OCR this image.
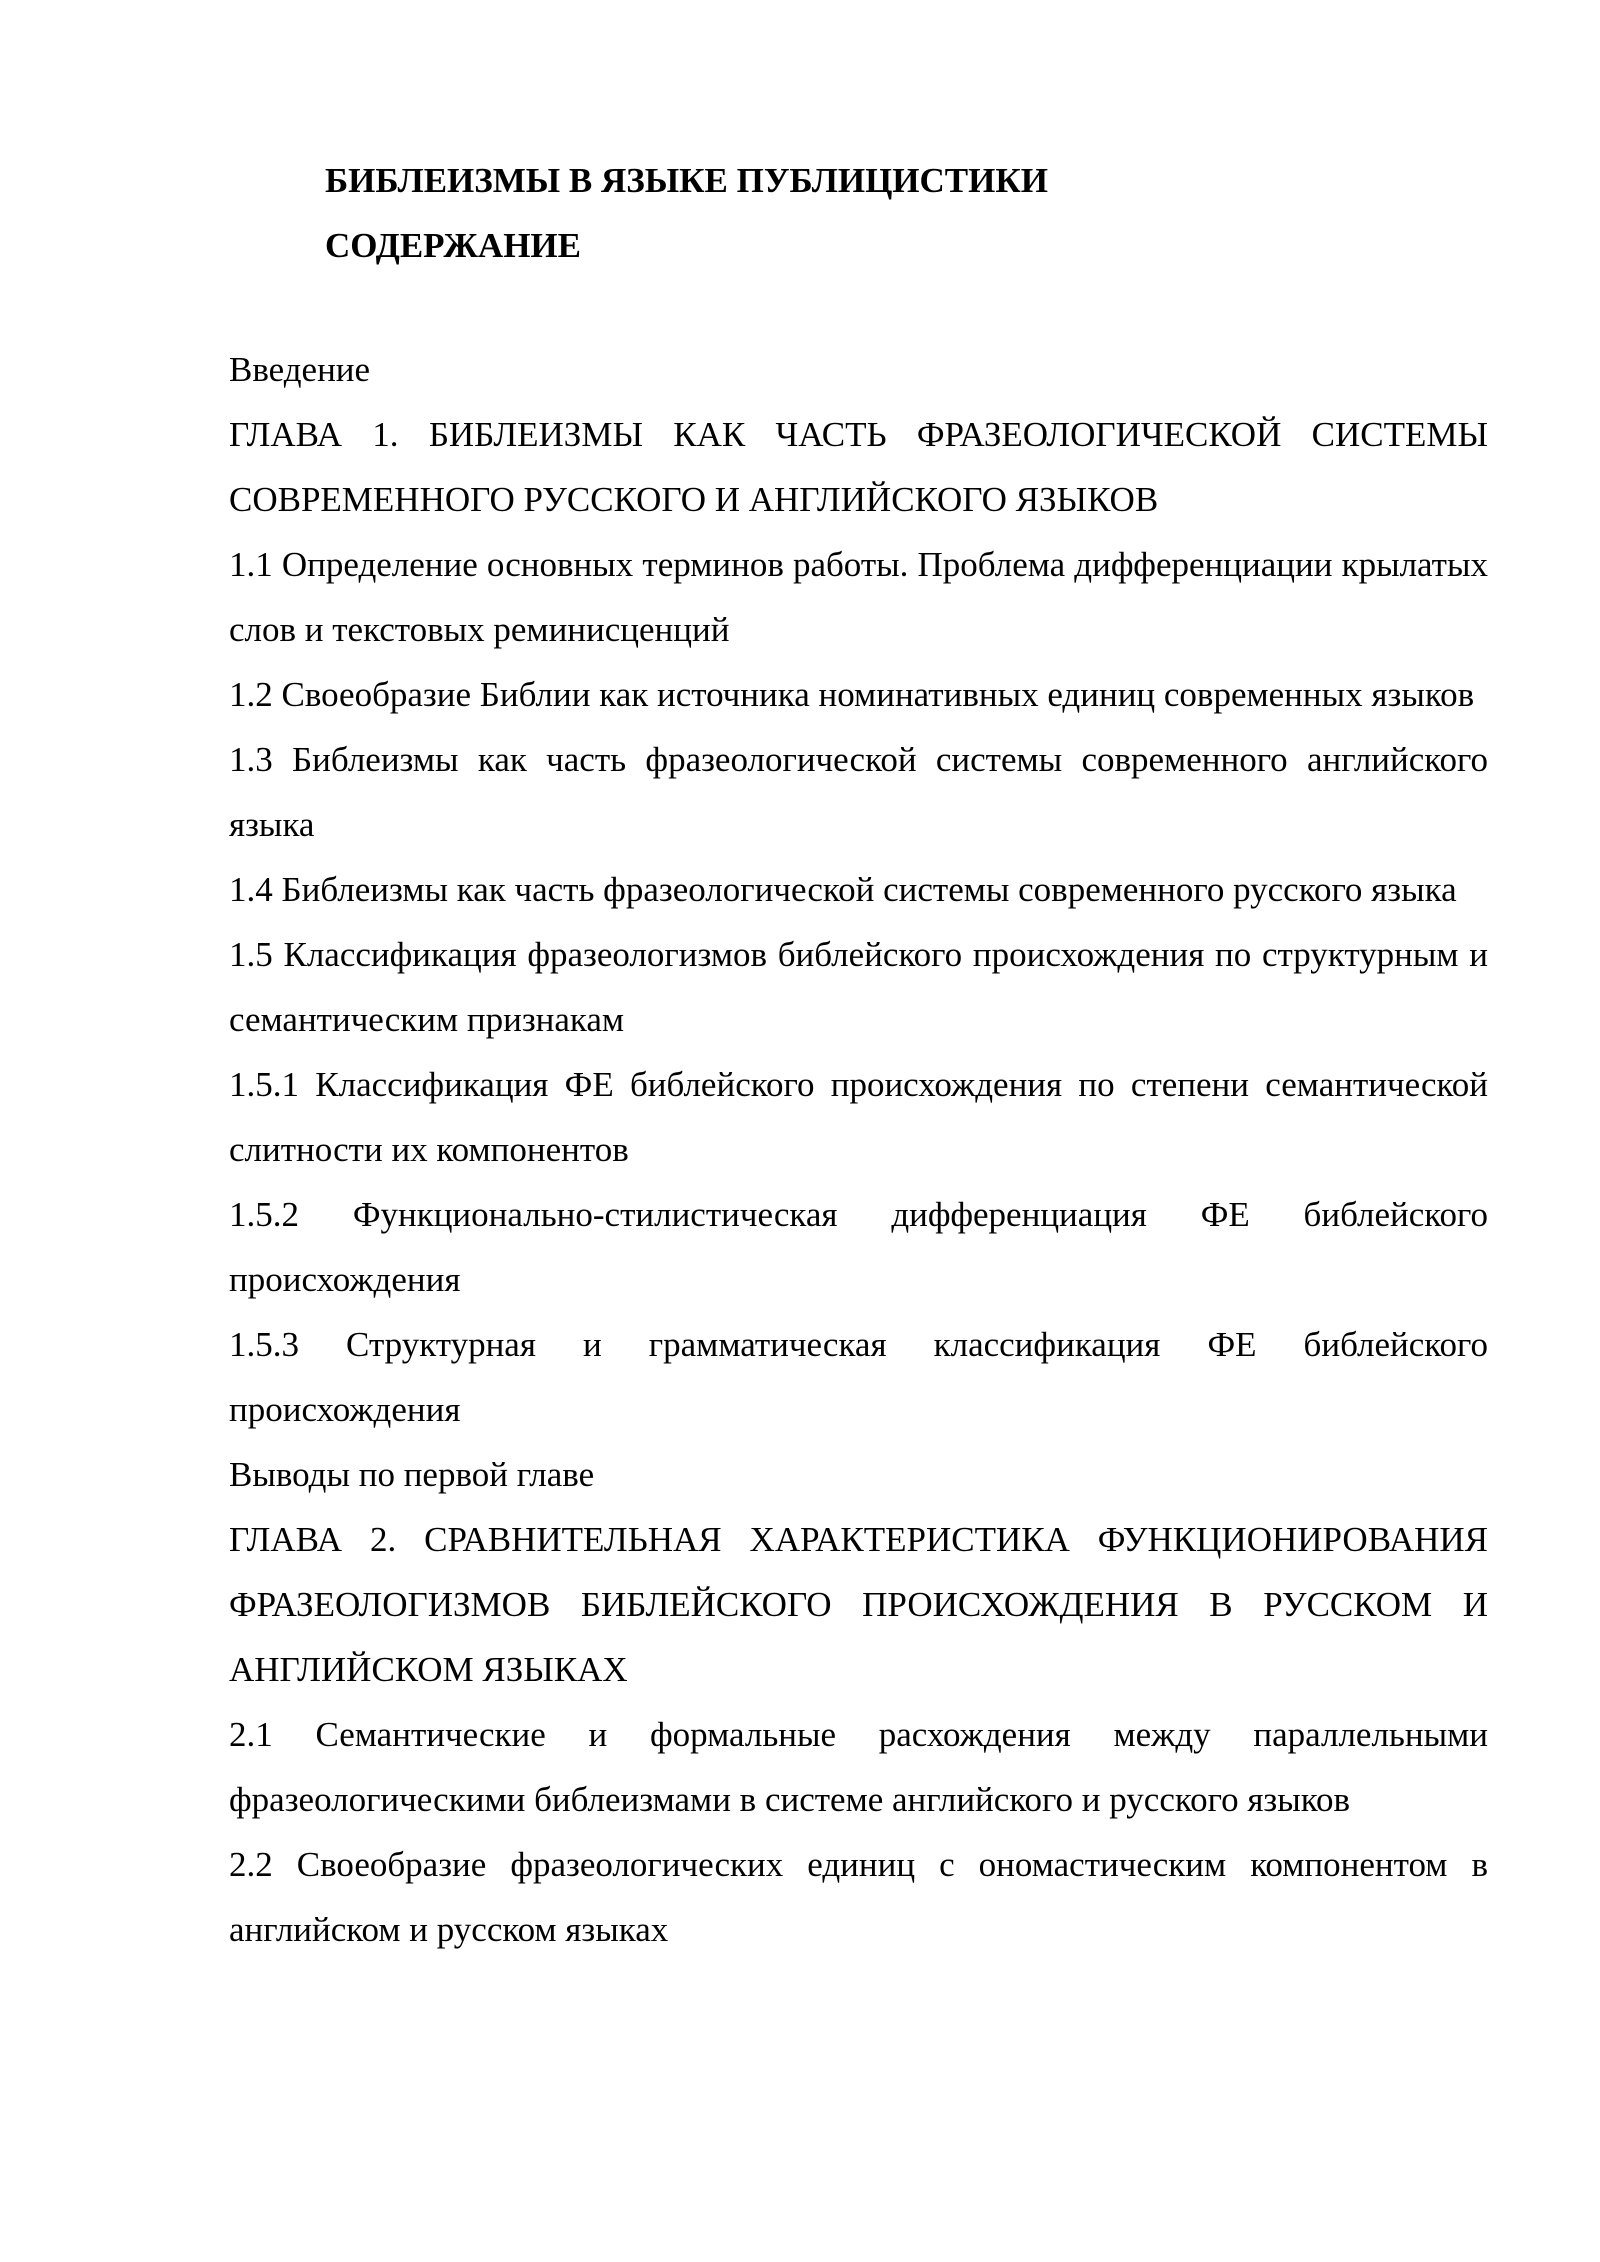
БИБЛЕИЗМЫ В ЯЗЫКЕ ПУБЛИЦИСТИКИ

СОДЕРЖАНИЕ

Введение

ГЛАВА 1. БИБЛЕИЗМЫ КАК ЧАСТЬ ФРАЗЕОЛОГИЧЕСКОЙ СИСТЕМЫ СОВРЕМЕННОГО РУССКОГО И АНГЛИЙСКОГО ЯЗЫКОВ

1.1 Определение основных терминов работы. Проблема дифференциации крылатых слов и текстовых реминисценций

1.2 Своеобразие Библии как источника номинативных единиц современных языков

1.3 Библеизмы как часть фразеологической системы современного английского языка

1.4 Библеизмы как часть фразеологической системы современного русского языка

1.5 Классификация фразеологизмов библейского происхождения по структурным и семантическим признакам

1.5.1 Классификация ФЕ библейского происхождения по степени семантической слитности их компонентов

1.5.2 Функционально-стилистическая дифференциация ФЕ библейского происхождения

1.5.3 Структурная и грамматическая классификация ФЕ библейского происхождения

Выводы по первой главе

ГЛАВА 2. СРАВНИТЕЛЬНАЯ ХАРАКТЕРИСТИКА ФУНКЦИОНИРОВАНИЯ ФРАЗЕОЛОГИЗМОВ БИБЛЕЙСКОГО ПРОИСХОЖДЕНИЯ В РУССКОМ И АНГЛИЙСКОМ ЯЗЫКАХ

2.1 Семантические и формальные расхождения между параллельными фразеологическими библеизмами в системе английского и русского языков

2.2 Своеобразие фразеологических единиц с ономастическим компонентом в английском и русском языках
